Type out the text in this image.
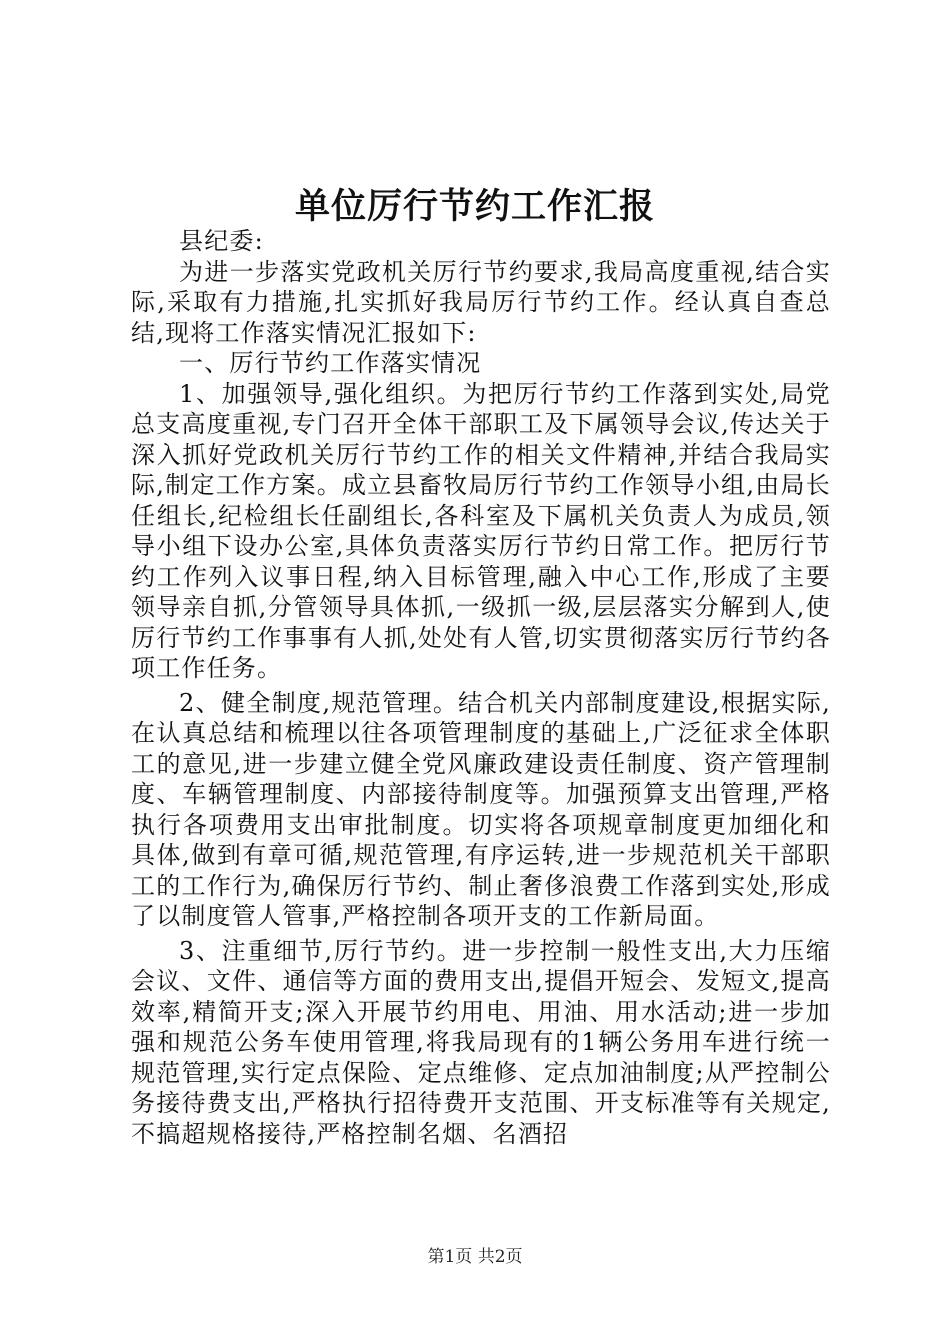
单位厉行节约工作汇报

县纪委:

为进一步落实党政机关厉行节约要求,我局高度重视,结合实际,采取有力措施,扎实抓好我局厉行节约工作。经认真自查总结,现将工作落实情况汇报如下:

一、厉行节约工作落实情况

1、加强领导,强化组织。为把厉行节约工作落到实处,局党总支高度重视,专门召开全体干部职工及下属领导会议,传达关于深入抓好党政机关厉行节约工作的相关文件精神,并结合我局实际,制定工作方案。成立县畜牧局厉行节约工作领导小组,由局长任组长,纪检组长任副组长,各科室及下属机关负责人为成员,领导小组下设办公室,具体负责落实厉行节约日常工作。把厉行节约工作列入议事日程,纳入目标管理,融入中心工作,形成了主要领导亲自抓,分管领导具体抓,一级抓一级,层层落实分解到人,使厉行节约工作事事有人抓,处处有人管,切实贯彻落实厉行节约各项工作任务。

2、健全制度,规范管理。结合机关内部制度建设,根据实际,在认真总结和梳理以往各项管理制度的基础上,广泛征求全体职工的意见,进一步建立健全党风廉政建设责任制度、资产管理制度、车辆管理制度、内部接待制度等。加强预算支出管理,严格执行各项费用支出审批制度。切实将各项规章制度更加细化和具体,做到有章可循,规范管理,有序运转,进一步规范机关干部职工的工作行为,确保厉行节约、制止奢侈浪费工作落到实处,形成了以制度管人管事,严格控制各项开支的工作新局面。

3、注重细节,厉行节约。进一步控制一般性支出,大力压缩会议、文件、通信等方面的费用支出,提倡开短会、发短文,提高效率,精简开支;深入开展节约用电、用油、用水活动;进一步加强和规范公务车使用管理,将我局现有的1辆公务用车进行统一规范管理,实行定点保险、定点维修、定点加油制度;从严控制公务接待费支出,严格执行招待费开支范围、开支标准等有关规定,不搞超规格接待,严格控制名烟、名酒招

第1页 共2页
